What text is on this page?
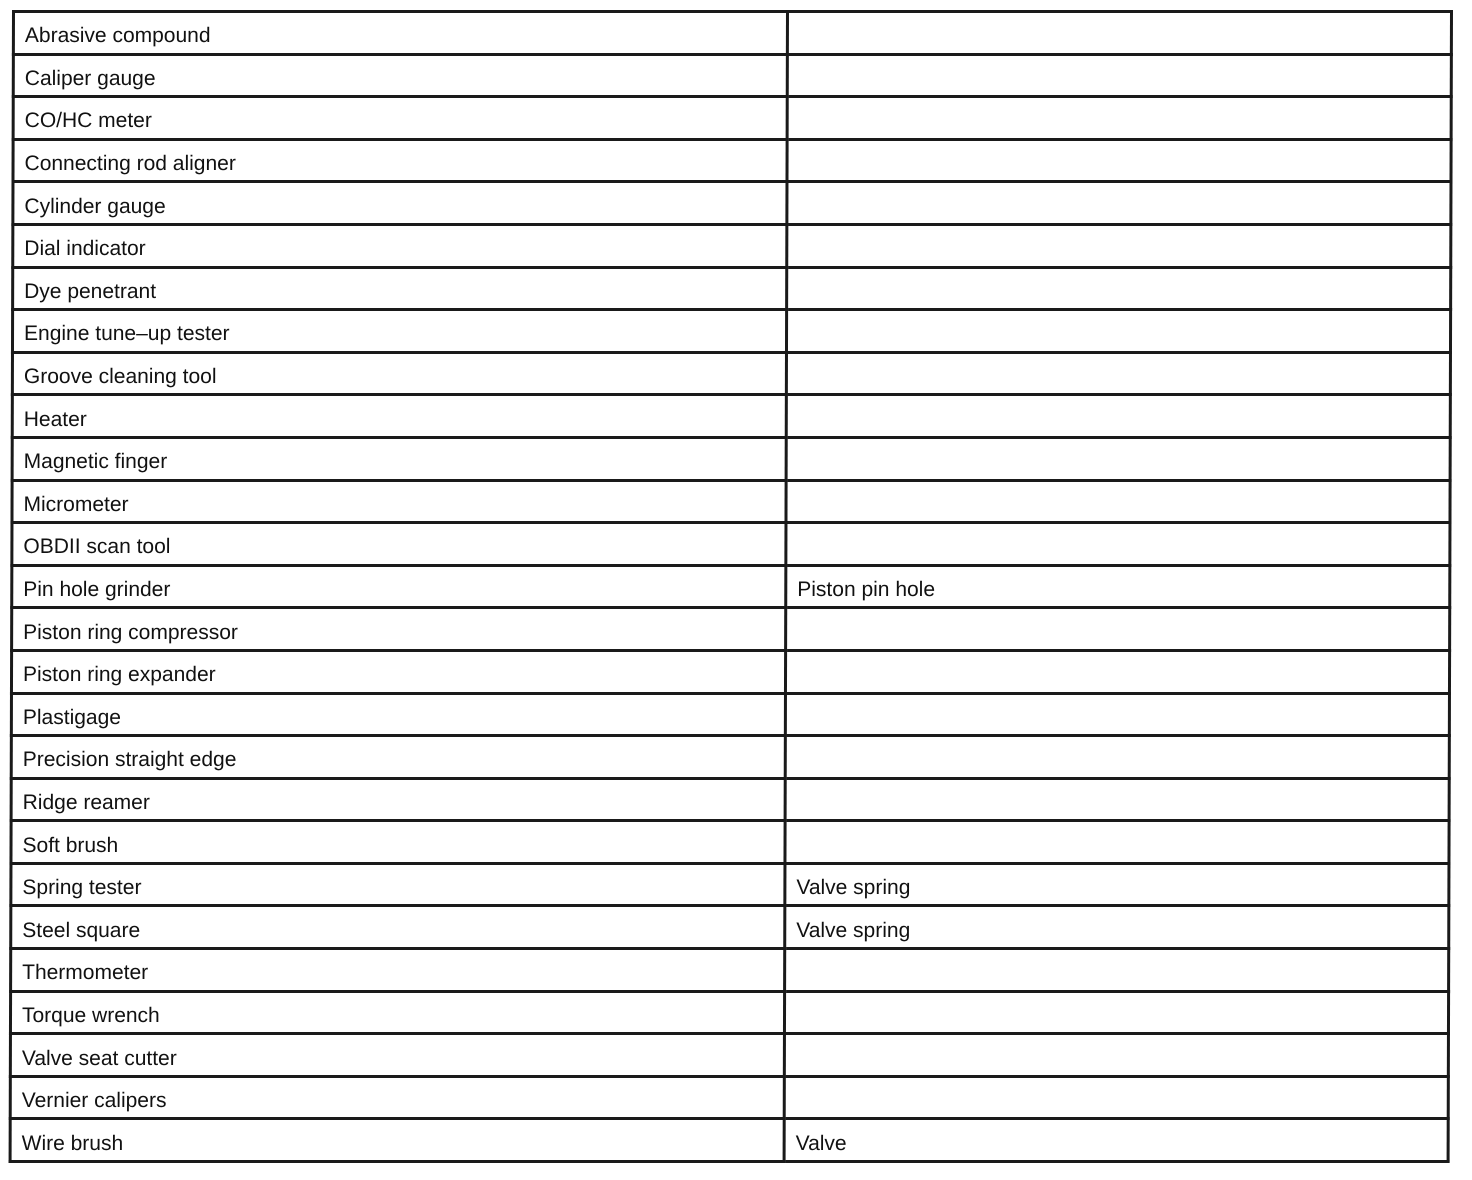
Abrasive compound	
Caliper gauge	
CO/HC meter	
Connecting rod aligner	
Cylinder gauge	
Dial indicator	
Dye penetrant	
Engine tune–up tester	
Groove cleaning tool	
Heater	
Magnetic finger	
Micrometer	
OBDII scan tool	
Pin hole grinder	Piston pin hole
Piston ring compressor	
Piston ring expander	
Plastigage	
Precision straight edge	
Ridge reamer	
Soft brush	
Spring tester	Valve spring
Steel square	Valve spring
Thermometer	
Torque wrench	
Valve seat cutter	
Vernier calipers	
Wire brush	Valve
